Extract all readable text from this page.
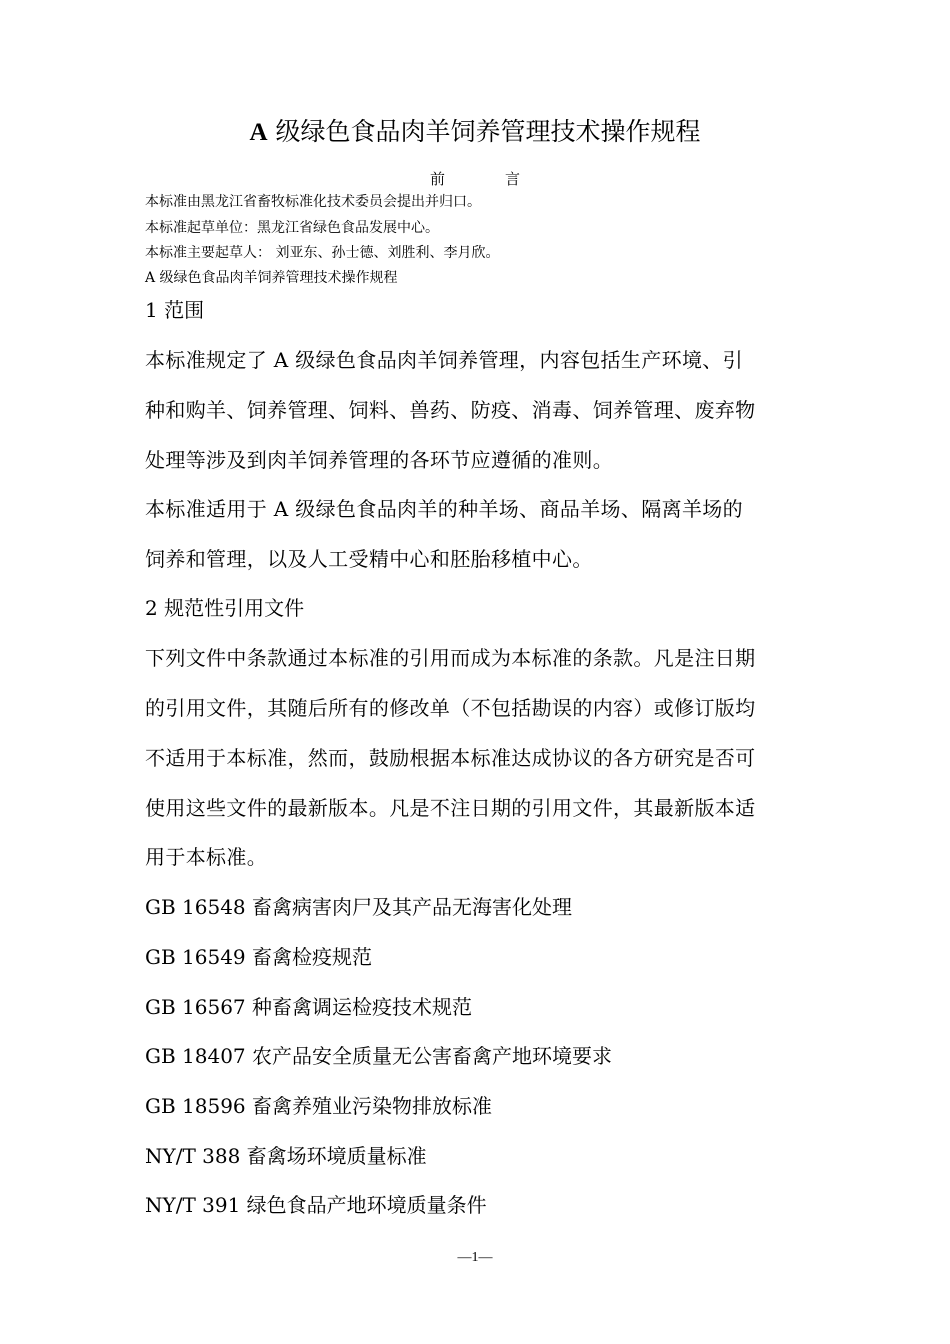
A 级绿色食品肉羊饲养管理技术操作规程
前言
本标准由黑龙江省畜牧标准化技术委员会提出并归口。
本标准起草单位：黑龙江省绿色食品发展中心。
本标准主要起草人： 刘亚东、孙士德、刘胜利、李月欣。
A 级绿色食品肉羊饲养管理技术操作规程
1 范围
本标准规定了 A 级绿色食品肉羊饲养管理，内容包括生产环境、引
种和购羊、饲养管理、饲料、兽药、防疫、消毒、饲养管理、废弃物
处理等涉及到肉羊饲养管理的各环节应遵循的准则。
本标准适用于 A 级绿色食品肉羊的种羊场、商品羊场、隔离羊场的
饲养和管理，以及人工受精中心和胚胎移植中心。
2 规范性引用文件
下列文件中条款通过本标准的引用而成为本标准的条款。凡是注日期
的引用文件，其随后所有的修改单（不包括勘误的内容）或修订版均
不适用于本标准，然而，鼓励根据本标准达成协议的各方研究是否可
使用这些文件的最新版本。凡是不注日期的引用文件，其最新版本适
用于本标准。
GB 16548 畜禽病害肉尸及其产品无海害化处理
GB 16549 畜禽检疫规范
GB 16567 种畜禽调运检疫技术规范
GB 18407 农产品安全质量无公害畜禽产地环境要求
GB 18596 畜禽养殖业污染物排放标准
NY/T 388 畜禽场环境质量标准
NY/T 391 绿色食品产地环境质量条件
—1—
